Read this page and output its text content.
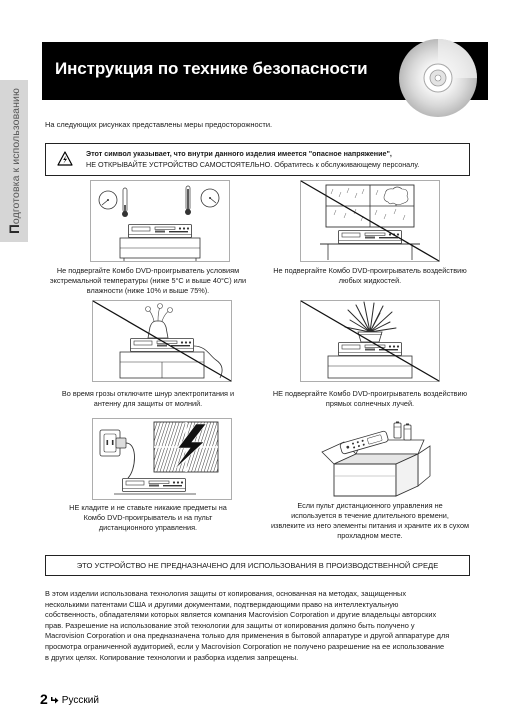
Подготовка к использованию
Инструкция по технике безопасности
На следующих рисунках представлены меры предосторожности.
Этот символ указывает, что внутри данного изделия имеется "опасное напряжение",
НЕ ОТКРЫВАЙТЕ УСТРОЙСТВО САМОСТОЯТЕЛЬНО. Обратитесь к обслуживающему персоналу.
Не подвергайте Комбо DVD-проигрыватель условиям
экстремальной температуры (ниже 5°C и выше 40°C) или
влажности (ниже 10% и выше 75%).
Не подвергайте Комбо DVD-проигрыватель воздействию
любых жидкостей.
Во время грозы отключите шнур электропитания и
антенну для защиты от молний.
НЕ подвергайте Комбо DVD-проигрыватель воздействию
прямых солнечных лучей.
НЕ кладите и не ставьте никакие предметы на
Комбо DVD-проигрыватель и на пульт
дистанционного управления.
Если пульт дистанционного управления не
используется в течение длительного времени,
извлеките из него элементы питания и храните их в сухом
прохладном месте.
ЭТО УСТРОЙСТВО НЕ ПРЕДНАЗНАЧЕНО ДЛЯ ИСПОЛЬЗОВАНИЯ В ПРОИЗВОДСТВЕННОЙ СРЕДЕ
В этом изделии использована технология защиты от копирования, основанная на методах, защищенных
несколькими патентами США и другими документами, подтверждающими право на интеллектуальную
собственность, обладателями которых является компания Macrovision Corporation и другие владельцы авторских
прав. Разрешение на использование этой технологии для защиты от копирования должно быть получено у
Macrovision Corporation и она предназначена только для применения в бытовой аппаратуре и другой аппаратуре для
просмотра ограниченной аудиторией, если у Macrovision Corporation не получено разрешение на ее использование
в других целях. Копирование технологии и разборка изделия запрещены.
2 Русский
